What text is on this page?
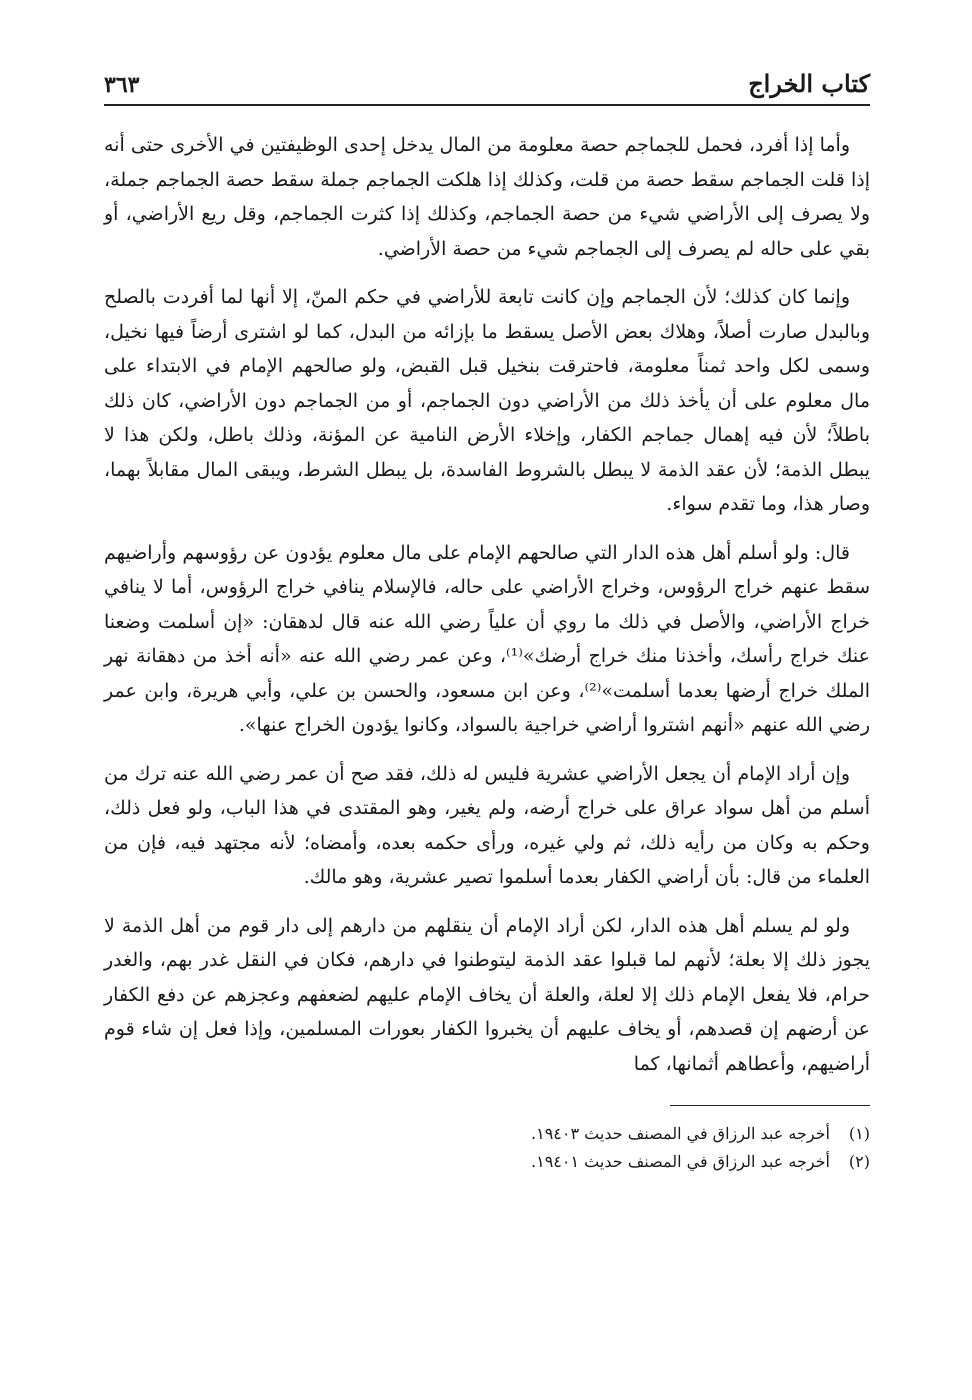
كتاب الخراج
٣٦٣

وأما إذا أفرد، فحمل للجماجم حصة معلومة من المال يدخل إحدى الوظيفتين في الأخرى حتى أنه إذا قلت الجماجم سقط حصة من قلت، وكذلك إذا هلكت الجماجم جملة سقط حصة الجماجم جملة، ولا يصرف إلى الأراضي شيء من حصة الجماجم، وكذلك إذا كثرت الجماجم، وقل ريع الأراضي، أو بقي على حاله لم يصرف إلى الجماجم شيء من حصة الأراضي.

وإنما كان كذلك؛ لأن الجماجم وإن كانت تابعة للأراضي في حكم المنّ، إلا أنها لما أفردت بالصلح وبالبدل صارت أصلاً، وهلاك بعض الأصل يسقط ما بإزائه من البدل، كما لو اشترى أرضاً فيها نخيل، وسمى لكل واحد ثمناً معلومة، فاحترقت بنخيل قبل القبض، ولو صالحهم الإمام في الابتداء على مال معلوم على أن يأخذ ذلك من الأراضي دون الجماجم، أو من الجماجم دون الأراضي، كان ذلك باطلاً؛ لأن فيه إهمال جماجم الكفار، وإخلاء الأرض النامية عن المؤنة، وذلك باطل، ولكن هذا لا يبطل الذمة؛ لأن عقد الذمة لا يبطل بالشروط الفاسدة، بل يبطل الشرط، ويبقى المال مقابلاً بهما، وصار هذا، وما تقدم سواء.

قال: ولو أسلم أهل هذه الدار التي صالحهم الإمام على مال معلوم يؤدون عن رؤوسهم وأراضيهم سقط عنهم خراج الرؤوس، وخراج الأراضي على حاله، فالإسلام ينافي خراج الرؤوس، أما لا ينافي خراج الأراضي، والأصل في ذلك ما روي أن علياً رضي الله عنه قال لدهقان: «إن أسلمت وضعنا عنك خراج رأسك، وأخذنا منك خراج أرضك»⁽¹⁾، وعن عمر رضي الله عنه «أنه أخذ من دهقانة نهر الملك خراج أرضها بعدما أسلمت»⁽²⁾، وعن ابن مسعود، والحسن بن علي، وأبي هريرة، وابن عمر رضي الله عنهم «أنهم اشتروا أراضي خراجية بالسواد، وكانوا يؤدون الخراج عنها».

وإن أراد الإمام أن يجعل الأراضي عشرية فليس له ذلك، فقد صح أن عمر رضي الله عنه ترك من أسلم من أهل سواد عراق على خراج أرضه، ولم يغير، وهو المقتدى في هذا الباب، ولو فعل ذلك، وحكم به وكان من رأيه ذلك، ثم ولي غيره، ورأى حكمه بعده، وأمضاه؛ لأنه مجتهد فيه، فإن من العلماء من قال: بأن أراضي الكفار بعدما أسلموا تصير عشرية، وهو مالك.

ولو لم يسلم أهل هذه الدار، لكن أراد الإمام أن ينقلهم من دارهم إلى دار قوم من أهل الذمة لا يجوز ذلك إلا بعلة؛ لأنهم لما قبلوا عقد الذمة ليتوطنوا في دارهم، فكان في النقل غدر بهم، والغدر حرام، فلا يفعل الإمام ذلك إلا لعلة، والعلة أن يخاف الإمام عليهم لضعفهم وعجزهم عن دفع الكفار عن أرضهم إن قصدهم، أو يخاف عليهم أن يخبروا الكفار بعورات المسلمين، وإذا فعل إن شاء قوم أراضيهم، وأعطاهم أثمانها، كما

(١)
أخرجه عبد الرزاق في المصنف حديث ١٩٤٠٣.
(٢)
أخرجه عبد الرزاق في المصنف حديث ١٩٤٠١.
